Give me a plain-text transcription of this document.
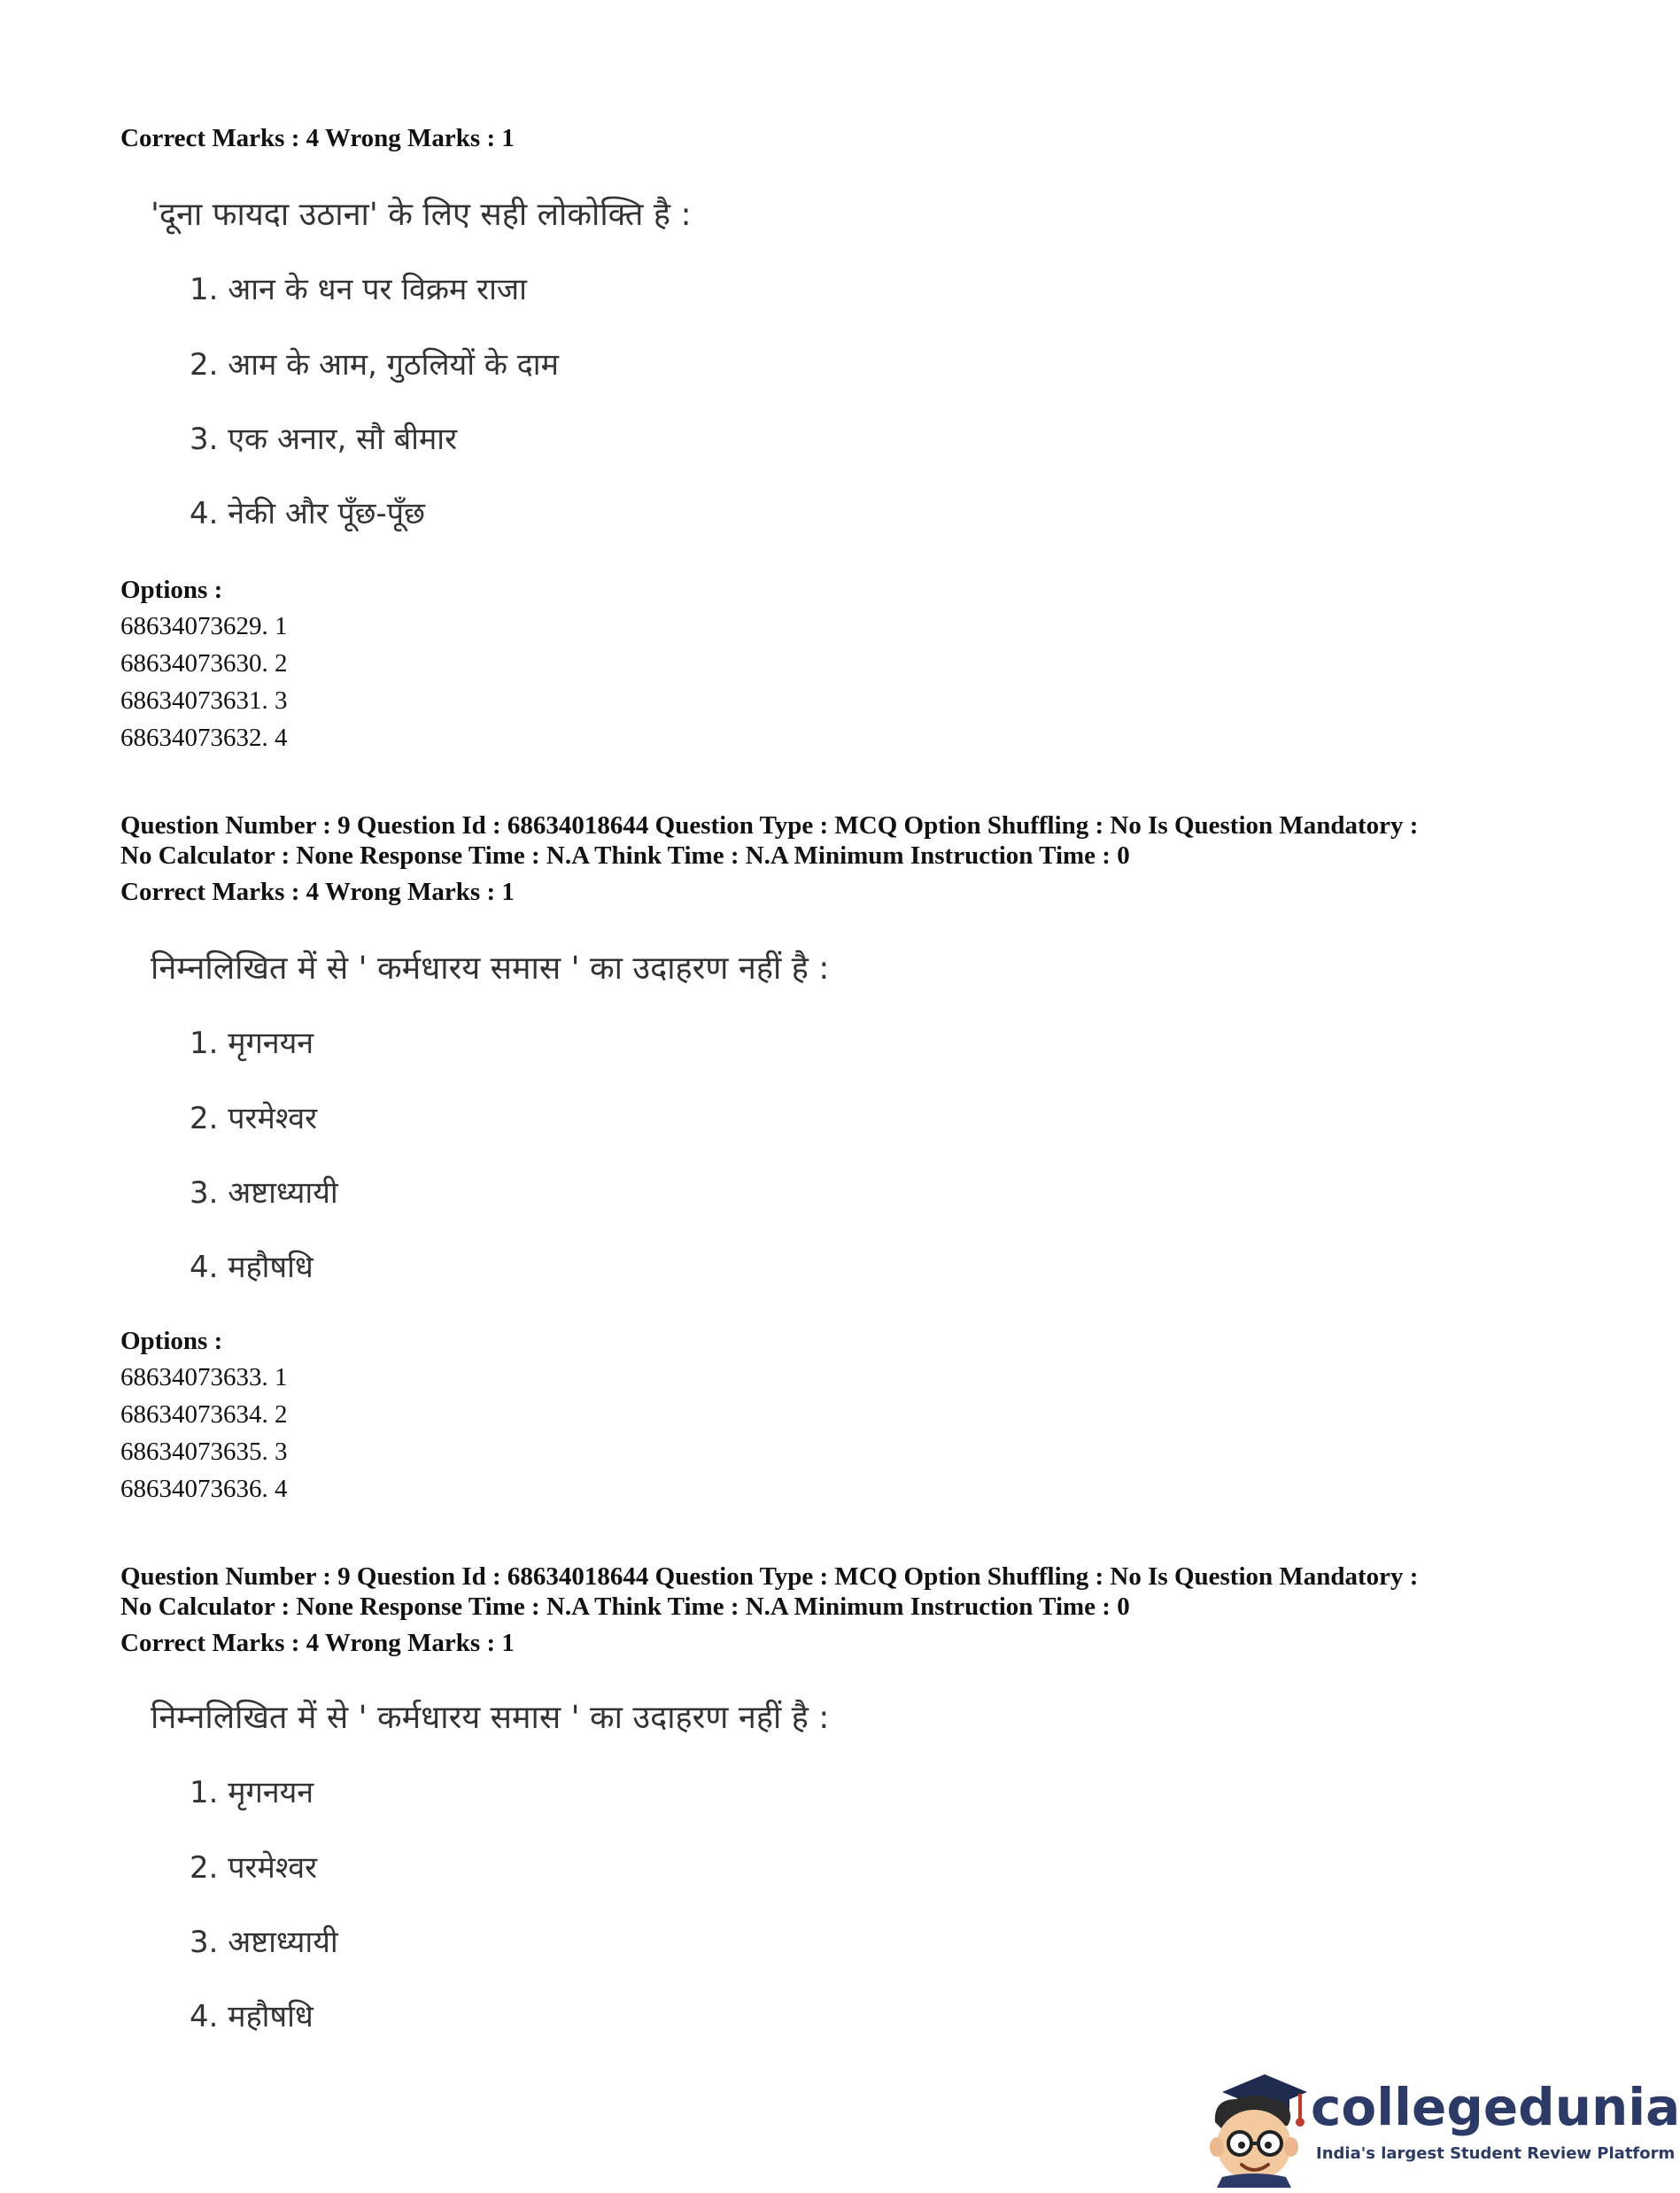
Correct Marks : 4 Wrong Marks : 1
'दूना फायदा उठाना' के लिए सही लोकोक्ति है :
1. आन के धन पर विक्रम राजा
2. आम के आम, गुठलियों के दाम
3. एक अनार, सौ बीमार
4. नेकी और पूँछ-पूँछ
Options :
68634073629. 1
68634073630. 2
68634073631. 3
68634073632. 4
Question Number : 9 Question Id : 68634018644 Question Type : MCQ Option Shuffling : No Is Question Mandatory :
No Calculator : None Response Time : N.A Think Time : N.A Minimum Instruction Time : 0
Correct Marks : 4 Wrong Marks : 1
निम्नलिखित में से ' कर्मधारय समास ' का उदाहरण नहीं है :
1. मृगनयन
2. परमेश्वर
3. अष्टाध्यायी
4. महौषधि
Options :
68634073633. 1
68634073634. 2
68634073635. 3
68634073636. 4
Question Number : 9 Question Id : 68634018644 Question Type : MCQ Option Shuffling : No Is Question Mandatory :
No Calculator : None Response Time : N.A Think Time : N.A Minimum Instruction Time : 0
Correct Marks : 4 Wrong Marks : 1
निम्नलिखित में से ' कर्मधारय समास ' का उदाहरण नहीं है :
1. मृगनयन
2. परमेश्वर
3. अष्टाध्यायी
4. महौषधि
collegedunia
India's largest Student Review Platform
